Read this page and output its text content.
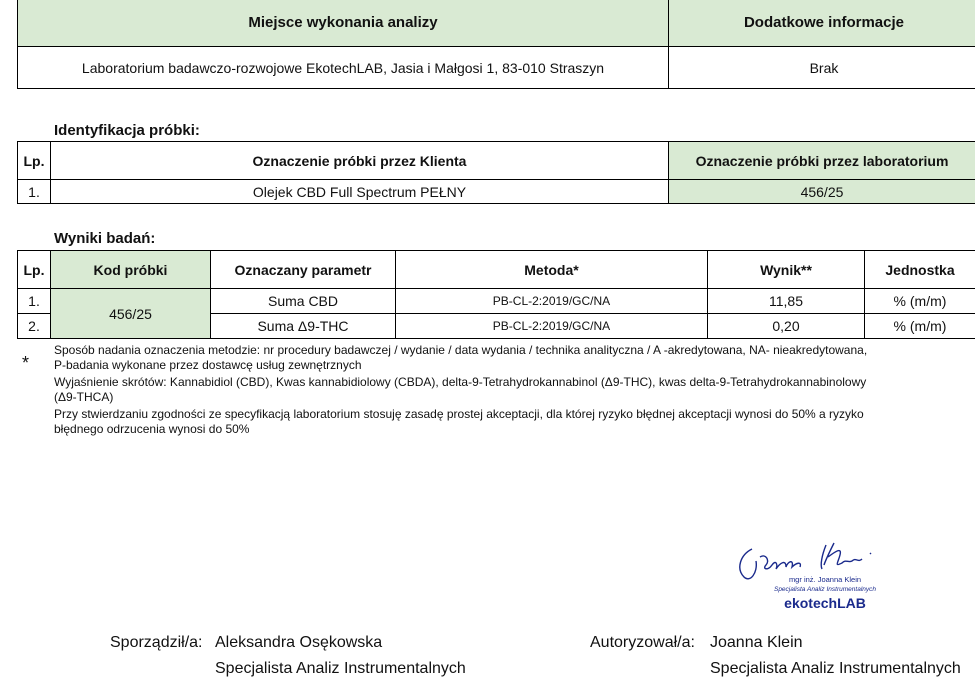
Miejsce wykonania analizy	Dodatkowe informacje
Laboratorium badawczo-rozwojowe EkotechLAB, Jasia i Małgosi 1, 83-010 Straszyn	Brak
Identyfikacja próbki:
Lp.	Oznaczenie próbki przez Klienta	Oznaczenie próbki przez laboratorium
1.	Olejek CBD Full Spectrum PEŁNY	456/25
Wyniki badań:
Lp.	Kod próbki	Oznaczany parametr	Metoda*	Wynik**	Jednostka
1.	456/25	Suma CBD	PB-CL-2:2019/GC/NA	11,85	% (m/m)
2.		Suma Δ9-THC	PB-CL-2:2019/GC/NA	0,20	% (m/m)
*
Sposób nadania oznaczenia metodzie: nr procedury badawczej / wydanie / data wydania / technika analityczna / A -akredytowana, NA- nieakredytowana,
P-badania wykonane przez dostawcę usług zewnętrznych
Wyjaśnienie skrótów: Kannabidiol (CBD), Kwas kannabidiolowy (CBDA), delta-9-Tetrahydrokannabinol (Δ9-THC), kwas delta-9-Tetrahydrokannabinolowy
(Δ9-THCA)
Przy stwierdzaniu zgodności ze specyfikacją laboratorium stosuję zasadę prostej akceptacji, dla której ryzyko błędnej akceptacji wynosi do 50% a ryzyko
błędnego odrzucenia wynosi do 50%
mgr inż. Joanna Klein
Specjalista Analiz Instrumentalnych
ekotechLAB
Sporządził/a: Aleksandra Osękowska
Specjalista Analiz Instrumentalnych
Autoryzował/a: Joanna Klein
Specjalista Analiz Instrumentalnych
